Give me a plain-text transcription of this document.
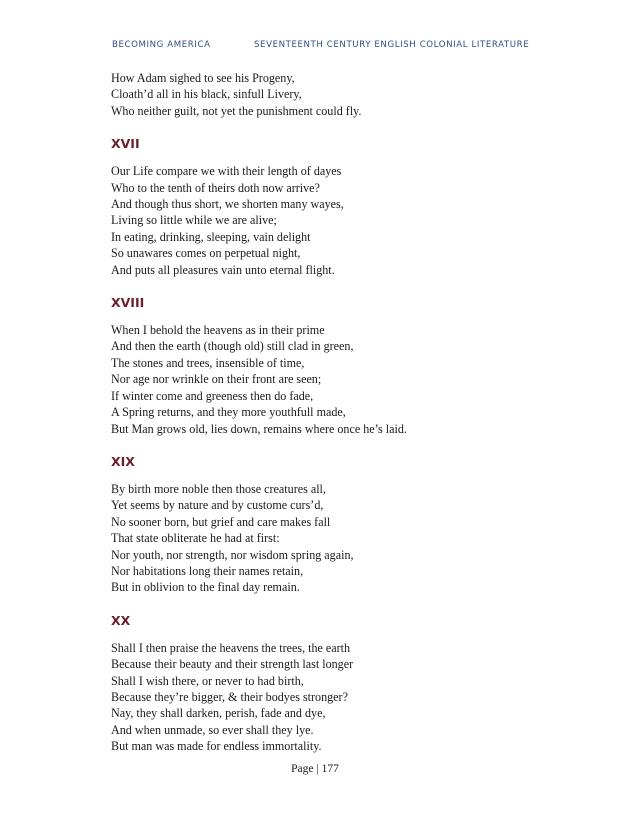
BECOMING AMERICA	SEVENTEENTH CENTURY ENGLISH COLONIAL LITERATURE
How Adam sighed to see his Progeny,
Cloath’d all in his black, sinfull Livery,
Who neither guilt, not yet the punishment could fly.
XVII
Our Life compare we with their length of dayes
Who to the tenth of theirs doth now arrive?
And though thus short, we shorten many wayes,
Living so little while we are alive;
In eating, drinking, sleeping, vain delight
So unawares comes on perpetual night,
And puts all pleasures vain unto eternal flight.
XVIII
When I behold the heavens as in their prime
And then the earth (though old) still clad in green,
The stones and trees, insensible of time,
Nor age nor wrinkle on their front are seen;
If winter come and greeness then do fade,
A Spring returns, and they more youthfull made,
But Man grows old, lies down, remains where once he’s laid.
XIX
By birth more noble then those creatures all,
Yet seems by nature and by custome curs’d,
No sooner born, but grief and care makes fall
That state obliterate he had at first:
Nor youth, nor strength, nor wisdom spring again,
Nor habitations long their names retain,
But in oblivion to the final day remain.
XX
Shall I then praise the heavens the trees, the earth
Because their beauty and their strength last longer
Shall I wish there, or never to had birth,
Because they’re bigger, & their bodyes stronger?
Nay, they shall darken, perish, fade and dye,
And when unmade, so ever shall they lye.
But man was made for endless immortality.
Page | 177
